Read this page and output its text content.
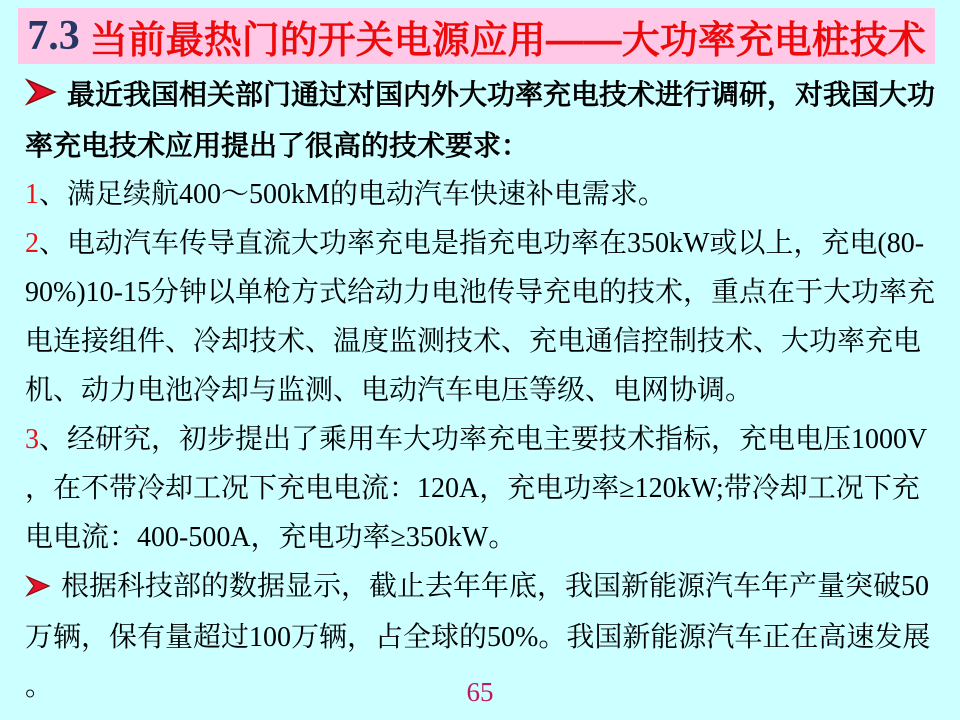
7.3 当前最热门的开关电源应用——大功率充电桩技术

最近我国相关部门通过对国内外大功率充电技术进行调研，对我国大功率充电技术应用提出了很高的技术要求：

1、满足续航400～500kM的电动汽车快速补电需求。

2、电动汽车传导直流大功率充电是指充电功率在350kW或以上，充电(80-90%)10-15分钟以单枪方式给动力电池传导充电的技术，重点在于大功率充电连接组件、冷却技术、温度监测技术、充电通信控制技术、大功率充电机、动力电池冷却与监测、电动汽车电压等级、电网协调。

3、经研究，初步提出了乘用车大功率充电主要技术指标，充电电压1000V，在不带冷却工况下充电电流：120A，充电功率≥120kW;带冷却工况下充电电流：400-500A，充电功率≥350kW。

根据科技部的数据显示，截止去年年底，我国新能源汽车年产量突破50万辆，保有量超过100万辆，占全球的50%。我国新能源汽车正在高速发展。	65
